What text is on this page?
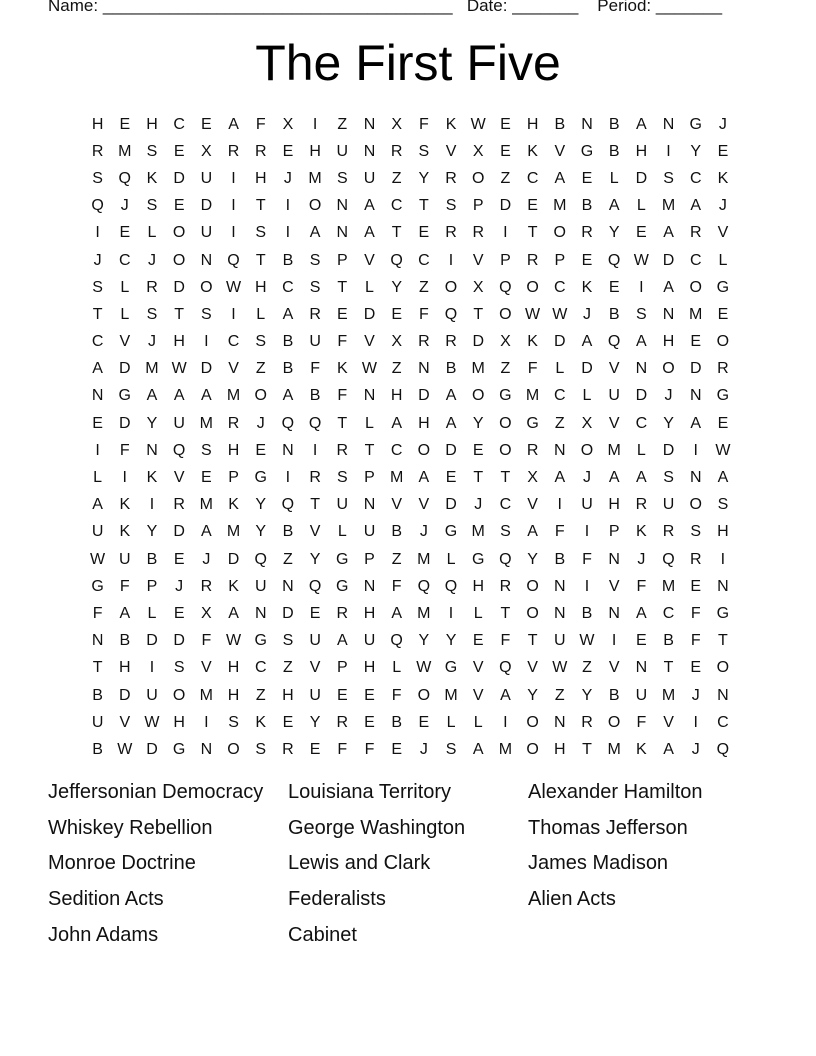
Name: _____________________________________ Date: _______ Period: _______
The First Five
H	E	H C	E	A	F	X	I	Z	N	X	F	K W E	H	B	N	B	A	N G	J
R M S	E	X	R R	E	H U N R	S	V	X	E	K	V G B	H	I	Y	E
S Q K	D U	I	H	J	M S	U	Z	Y	R O	Z	C	A	E	L	D	S	C	K
Q	J	S	E	D	I	T	I	O N	A	C	T	S	P	D	E M B	A	L	M A	J
I	E	L	O U	I	S	I	A	N	A	T	E	R R	I	T	O R	Y	E	A	R	V
J	C	J	O N Q	T	B	S	P	V Q C	I	V	P	R	P	E Q W D C	L
S	L	R D O W H C	S	T	L	Y	Z	O X Q O C	K	E	I	A O G
T	L	S	T	S	I	L	A	R	E	D	E	F	Q	T	O W W J	B	S	N M E
C	V	J	H	I	C	S	B	U	F	V	X	R R D	X	K	D	A Q A	H	E O
A	D M W D	V	Z	B	F	K W Z	N	B M Z	F	L	D	V	N O D R
N G A	A	A M O A	B	F	N H D	A O G M C	L	U D	J	N G
E	D	Y	U M R	J	Q Q	T	L	A	H	A	Y O G	Z	X	V	C	Y	A	E
I	F	N Q S	H	E	N	I	R	T	C O D	E O R N O M	L	D	I	W
L	I	K	V	E	P G	I	R	S	P M A	E	T	T	X	A	J	A	A	S	N	A
A	K	I	R M K	Y Q	T	U N	V	V	D	J	C	V	I	U H R U O S
U	K	Y	D	A M Y	B	V	L	U	B	J	G M S	A	F	I	P	K	R	S	H
W U	B	E	J	D Q	Z	Y G P	Z M	L	G Q Y	B	F	N	J	Q R	I
G	F	P	J	R	K	U N Q G N	F	Q Q H R O N	I	V	F M E	N
F	A	L	E	X	A	N D	E	R H	A M	I	L	T	O N	B	N	A	C	F	G
N	B	D D	F W G S	U	A	U Q Y	Y	E	F	T	U W	I	E	B	F	T
T	H	I	S	V	H C	Z	V	P	H	L W G V Q V W Z	V	N	T	E O
B	D U O M H	Z	H U	E	E	F	O M V	A	Y	Z	Y	B	U M	J	N
U	V W H	I	S	K	E	Y	R	E	B	E	L	L	I	O N R O	F	V	I	C
B W D G N O S	R	E	F	F	E	J	S	A M O H	T M K	A	J	Q
Jeffersonian Democracy	Louisiana Territory	Alexander Hamilton
Whiskey Rebellion	George Washington	Thomas Jefferson
Monroe Doctrine	Lewis and Clark	James Madison
Sedition Acts	Federalists	Alien Acts
John Adams	Cabinet
